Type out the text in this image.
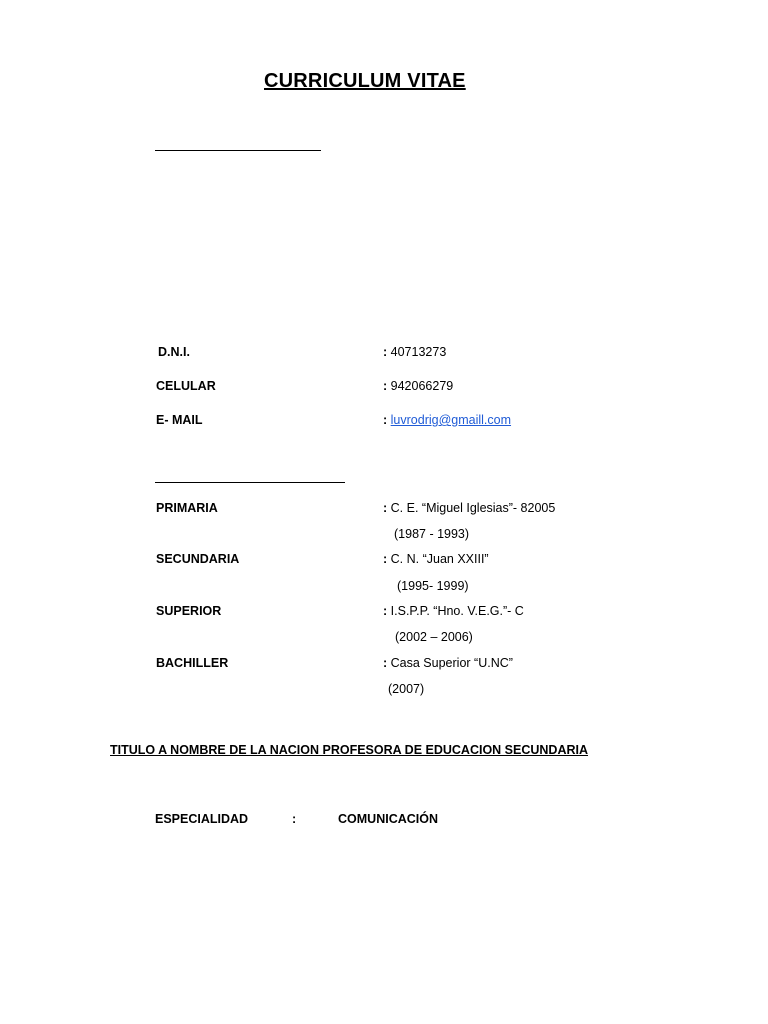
CURRICULUM VITAE
D.N.I.	: 40713273
CELULAR	: 942066279
E- MAIL	: luvrodrig@gmaill.com
PRIMARIA	: C. E. “Miguel Iglesias”- 82005
(1987 - 1993)
SECUNDARIA	: C. N. “Juan XXIII”
(1995- 1999)
SUPERIOR	: I.S.P.P. “Hno. V.E.G.”- C
(2002 – 2006)
BACHILLER	: Casa Superior “U.NC”
(2007)
TITULO A NOMBRE DE LA NACION PROFESORA DE EDUCACION SECUNDARIA
ESPECIALIDAD	:	COMUNICACIÓN
